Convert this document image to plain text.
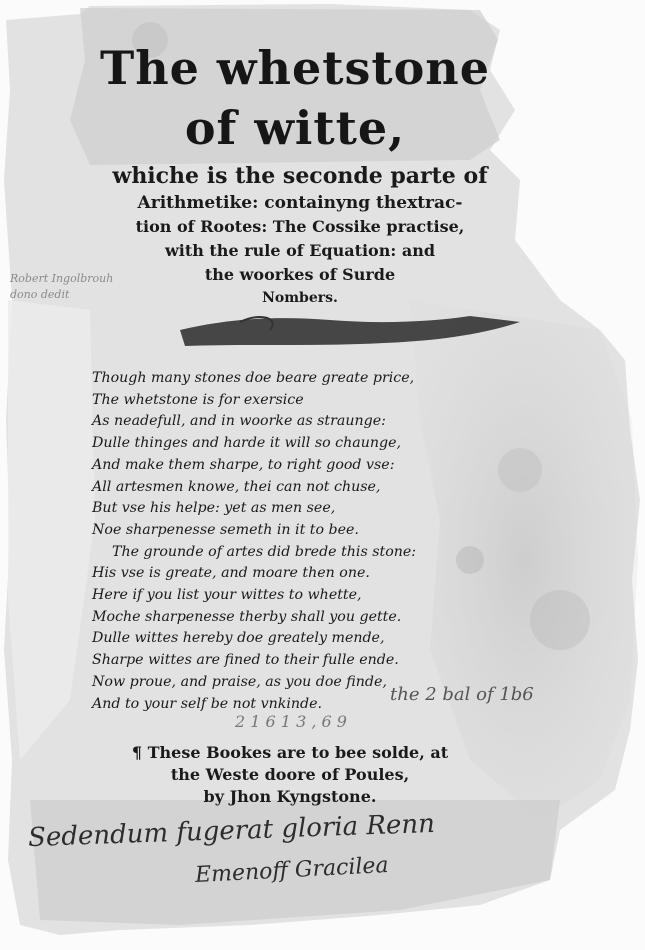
The whetstone
of witte,
whiche is the seconde parte of
Arithmetike: containyng thextrac-
tion of Rootes: The Cossike practise,
with the rule of Equation: and
the woorkes of Surde
Nombers.
Robert Ingolbrouh
dono dedit
Though many stones doe beare greate price,
The whetstone is for exersice
As neadefull, and in woorke as straunge:
Dulle thinges and harde it will so chaunge,
And make them sharpe, to right good vse:
All artesmen knowe, thei can not chuse,
But vse his helpe: yet as men see,
Noe sharpenesse semeth in it to bee.
The grounde of artes did brede this stone:
His vse is greate, and moare then one.
Here if you list your wittes to whette,
Moche sharpenesse therby shall you gette.
Dulle wittes hereby doe greately mende,
Sharpe wittes are fined to their fulle ende.
Now proue, and praise, as you doe finde,
And to your self be not vnkinde.	the 2 bal of 1b6
2 1 6 1 3 , 6 9
¶ These Bookes are to bee solde, at
the Weste doore of Poules,
by Jhon Kyngstone.
Sedendum fugerat gloria Renn
Emenoff Gracilea
